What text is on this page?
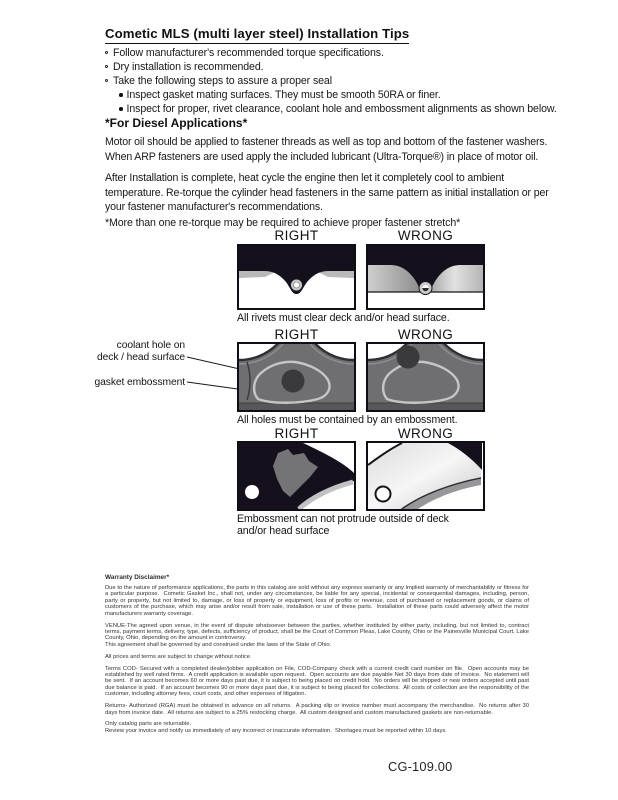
Cometic MLS (multi layer steel) Installation Tips
Follow manufacturer's recommended torque specifications.
Dry installation is recommended.
Take the following steps to assure a proper seal
Inspect gasket mating surfaces. They must be smooth 50RA or finer.
Inspect for proper, rivet clearance, coolant hole and embossment alignments as shown below.
*For Diesel Applications*
Motor oil should be applied to fastener threads as well as top and bottom of the fastener washers. When ARP fasteners are used apply the included lubricant (Ultra-Torque®) in place of motor oil.
After Installation is complete, heat cycle the engine then let it completely cool to ambient temperature. Re-torque the cylinder head fasteners in the same pattern as initial installation or per your fastener manufacturer's recommendations.
*More than one re-torque may be required to achieve proper fastener stretch*
RIGHT	WRONG
All rivets must clear deck and/or head surface.
RIGHT	WRONG
coolant hole on
deck / head surface
gasket embossment
All holes must be contained by an embossment.
RIGHT	WRONG
Embossment can not protrude outside of deck
and/or head surface
Warranty Disclaimer*
Due to the nature of performance applications, the parts in this catalog are sold without any express warranty or any implied warranty of merchantability or fitness for a particular purpose.  Cometic Gasket Inc., shall not, under any circumstances, be liable for any special, incidental or consequential damages, including, person, party or property, but not limited to, damage, or loss of property or equipment, loss of profits or revenue, cost of purchased or replacement goods, or claims of customers of the purchase, which may arise and/or result from sale, installation or use of these parts.  Installation of these parts could adversely affect the motor manufacturers warranty coverage.
VENUE-The agreed upon venue, in the event of dispute whatsoever between the parties, whether instituted by either party, including, but not limited to, contract terms, payment terms, delivery, type, defects, sufficiency of product, shall be the Court of Common Pleas, Lake County, Ohio or the Painesville Municipal Court, Lake County, Ohio, depending on the amount in controversy.
This agreement shall be governed by and construed under the laws of the State of Ohio.
All prices and terms are subject to change without notice.
Terms COD- Secured with a completed dealer/jobber application on File, COD-Company check with a current credit card number on file.  Open accounts may be established by well rated firms.  A credit application is available upon request.  Open accounts are due payable Net 30 days from date of invoice.  No statement will be sent.  If an account becomes 60 or more days past due, it is subject to being placed on credit hold.  No orders will be shipped or new orders accepted until past due balance is paid.  If an account becomes 90 or more days past due, it is subject to being placed for collections.  All costs of collection are the responsibility of the customer, including attorney fees, court costs, and other expenses of litigation.
Returns- Authorized (RGA) must be obtained in advance on all returns.  A packing slip or invoice number must accompany the merchandise.  No returns after 30 days from invoice date.  All returns are subject to a 25% restocking charge.  All custom designed and custom manufactured gaskets are non-returnable.
Only catalog parts are returnable.
Review your invoice and notify us immediately of any incorrect or inaccurate information.  Shortages must be reported within 10 days.
CG-109.00
